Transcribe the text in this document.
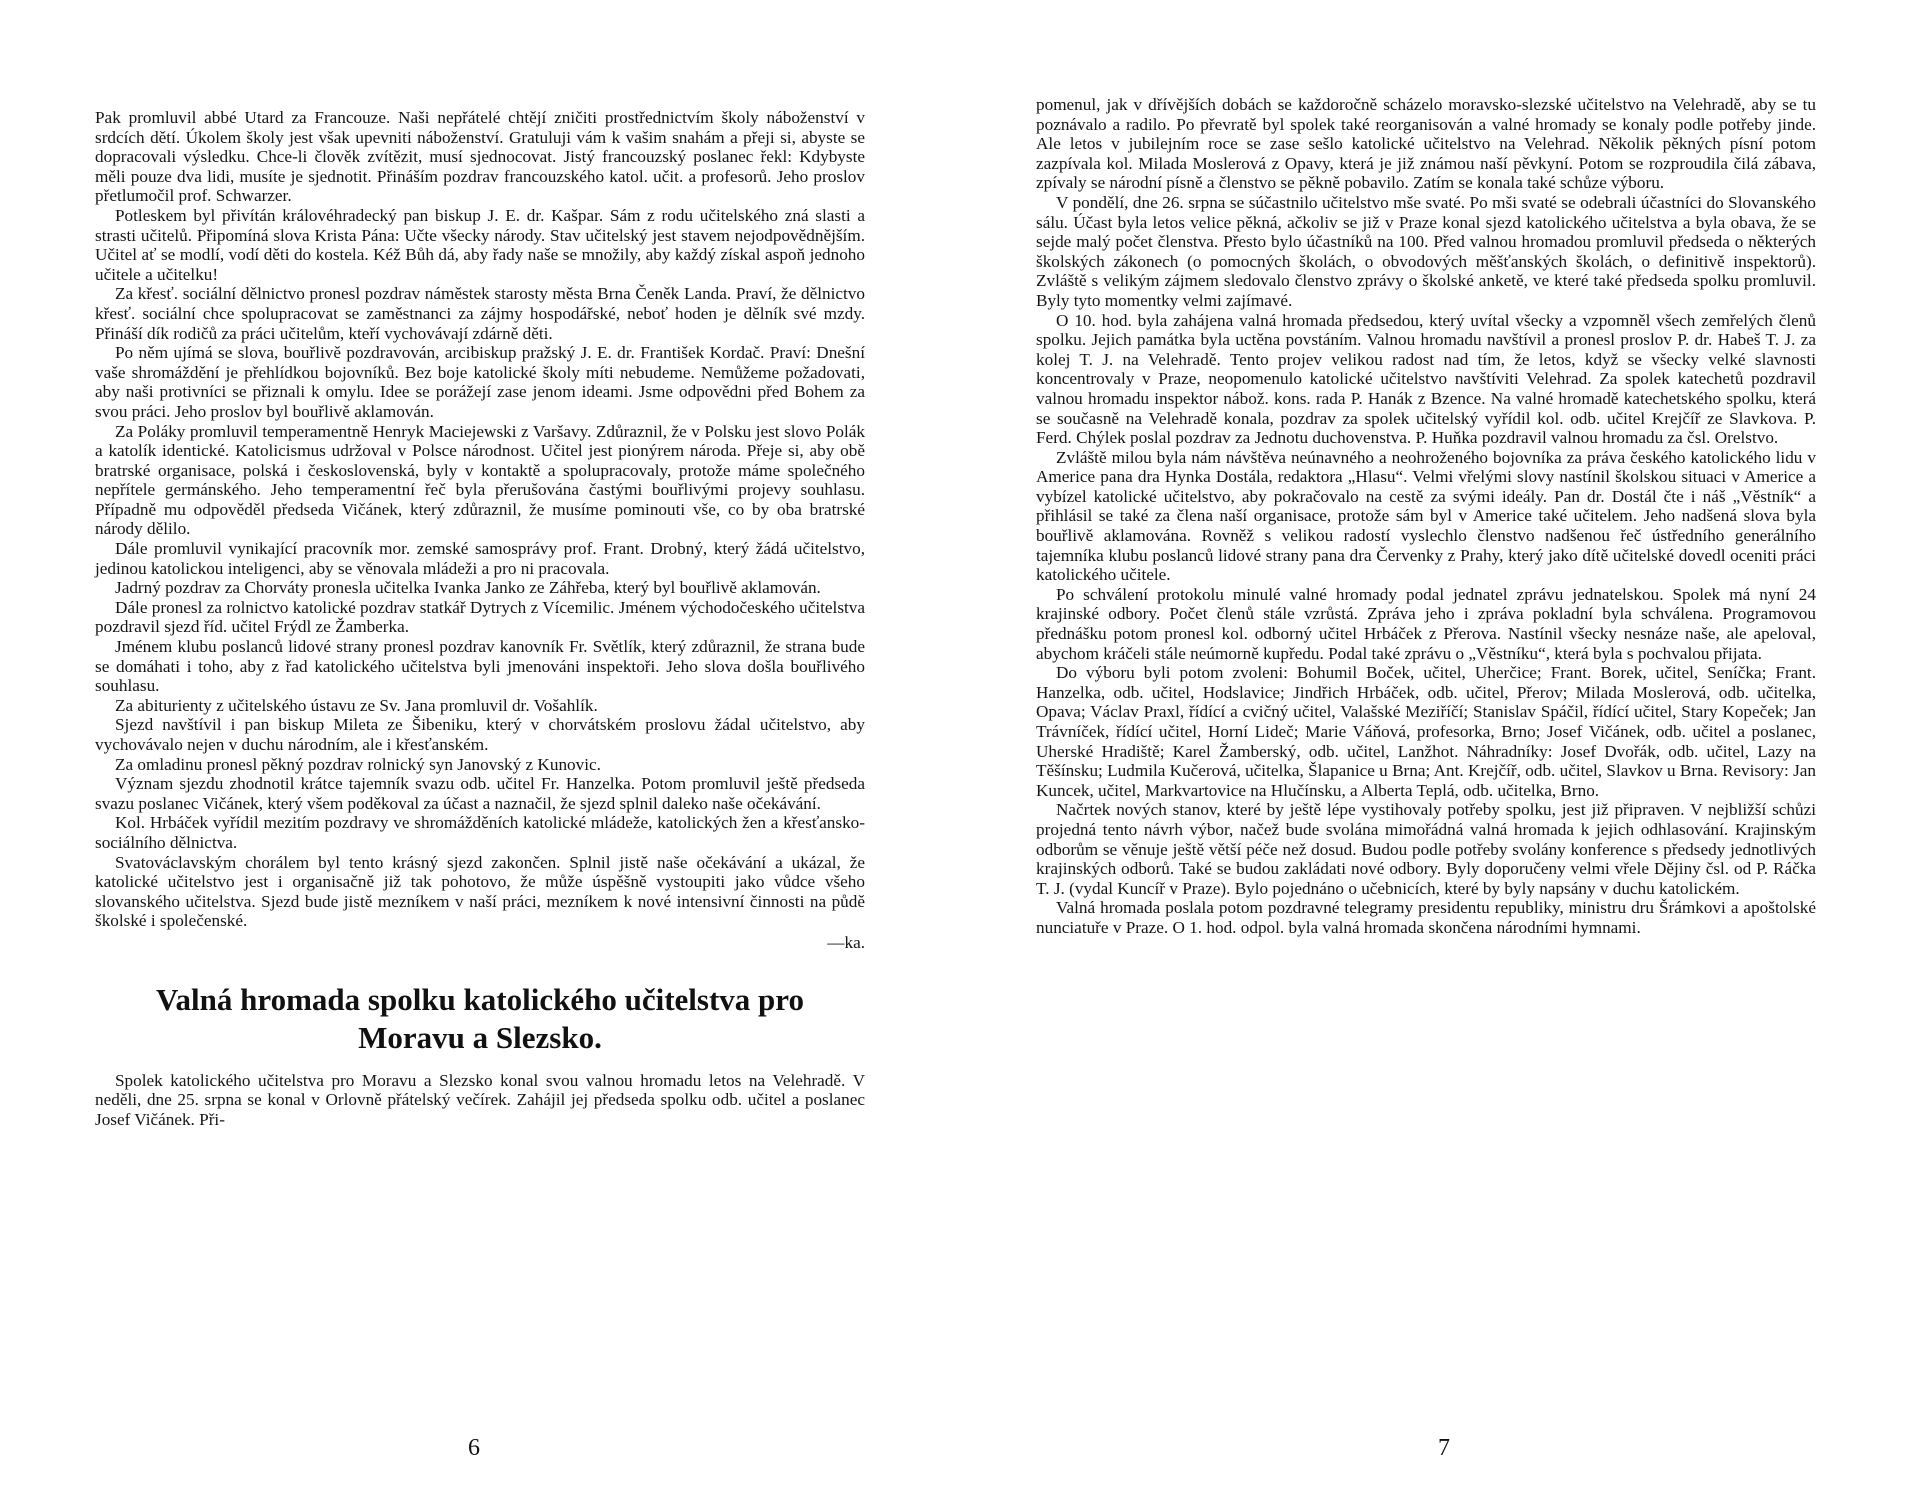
Pak promluvil abbé Utard za Francouze. Naši nepřátelé chtějí zničiti prostřednictvím školy náboženství v srdcích dětí. Úkolem školy jest však upevniti náboženství. Gratuluji vám k vašim snahám a přeji si, abyste se dopracovali výsledku. Chce-li člověk zvítězit, musí sjednocovat. Jistý francouzský poslanec řekl: Kdybyste měli pouze dva lidi, musíte je sjednotit. Přináším pozdrav francouzského katol. učit. a profesorů. Jeho proslov přetlumočil prof. Schwarzer.

Potleskem byl přivítán královéhradecký pan biskup J. E. dr. Kašpar. Sám z rodu učitelského zná slasti a strasti učitelů. Připomíná slova Krista Pána: Učte všecky národy. Stav učitelský jest stavem nejodpovědnějším. Učitel ať se modlí, vodí děti do kostela. Kéž Bůh dá, aby řady naše se množily, aby každý získal aspoň jednoho učitele a učitelku!

Za křesť. sociální dělnictvo pronesl pozdrav náměstek starosty města Brna Čeněk Landa. Praví, že dělnictvo křesť. sociální chce spolupracovat se zaměstnanci za zájmy hospodářské, neboť hoden je dělník své mzdy. Přináší dík rodičů za práci učitelům, kteří vychovávají zdárně děti.

Po něm ujímá se slova, bouřlivě pozdravován, arcibiskup pražský J. E. dr. František Kordač. Praví: Dnešní vaše shromáždění je přehlídkou bojovníků. Bez boje katolické školy míti nebudeme. Nemůžeme požadovati, aby naši protivníci se přiznali k omylu. Idee se porážejí zase jenom ideami. Jsme odpovědni před Bohem za svou práci. Jeho proslov byl bouřlivě aklamován.

Za Poláky promluvil temperamentně Henryk Maciejewski z Varšavy. Zdůraznil, že v Polsku jest slovo Polák a katolík identické. Katolicismus udržoval v Polsce národnost. Učitel jest pionýrem národa. Přeje si, aby obě bratrské organisace, polská i československá, byly v kontaktě a spolupracovaly, protože máme společného nepřítele germánského. Jeho temperamentní řeč byla přerušována častými bouřlivými projevy souhlasu. Případně mu odpověděl předseda Vičánek, který zdůraznil, že musíme pominouti vše, co by oba bratrské národy dělilo.

Dále promluvil vynikající pracovník mor. zemské samosprávy prof. Frant. Drobný, který žádá učitelstvo, jedinou katolickou inteligenci, aby se věnovala mládeži a pro ni pracovala.

Jadrný pozdrav za Chorváty pronesla učitelka Ivanka Janko ze Záhřeba, který byl bouřlivě aklamován.

Dále pronesl za rolnictvo katolické pozdrav statkář Dytrych z Vícemilic. Jménem východočeského učitelstva pozdravil sjezd říd. učitel Frýdl ze Žamberka.

Jménem klubu poslanců lidové strany pronesl pozdrav kanovník Fr. Světlík, který zdůraznil, že strana bude se domáhati i toho, aby z řad katolického učitelstva byli jmenováni inspektoři. Jeho slova došla bouřlivého souhlasu.

Za abiturienty z učitelského ústavu ze Sv. Jana promluvil dr. Vošahlík.

Sjezd navštívil i pan biskup Mileta ze Šibeniku, který v chorvátském proslovu žádal učitelstvo, aby vychovávalo nejen v duchu národním, ale i křesťanském.

Za omladinu pronesl pěkný pozdrav rolnický syn Janovský z Kunovic.

Význam sjezdu zhodnotil krátce tajemník svazu odb. učitel Fr. Hanzelka. Potom promluvil ještě předseda svazu poslanec Vičánek, který všem poděkoval za účast a naznačil, že sjezd splnil daleko naše očekávání.

Kol. Hrbáček vyřídil mezitím pozdravy ve shromážděních katolické mládeže, katolických žen a křesťansko-sociálního dělnictva.

Svatováclavským chorálem byl tento krásný sjezd zakončen. Splnil jistě naše očekávání a ukázal, že katolické učitelstvo jest i organisačně již tak pohotovo, že může úspěšně vystoupiti jako vůdce všeho slovanského učitelstva. Sjezd bude jistě mezníkem v naší práci, mezníkem k nové intensivní činnosti na půdě školské i společenské.

—ka.
Valná hromada spolku katolického učitelstva pro
Moravu a Slezsko.

Spolek katolického učitelstva pro Moravu a Slezsko konal svou valnou hromadu letos na Velehradě. V neděli, dne 25. srpna se konal v Orlovně přátelský večírek. Zahájil jej předseda spolku odb. učitel a poslanec Josef Vičánek. Při-

6

pomenul, jak v dřívějších dobách se každoročně scházelo moravsko-slezské učitelstvo na Velehradě, aby se tu poznávalo a radilo. Po převratě byl spolek také reorganisován a valné hromady se konaly podle potřeby jinde. Ale letos v jubilejním roce se zase sešlo katolické učitelstvo na Velehrad. Několik pěkných písní potom zazpívala kol. Milada Moslerová z Opavy, která je již známou naší pěvkyní. Potom se rozproudila čilá zábava, zpívaly se národní písně a členstvo se pěkně pobavilo. Zatím se konala také schůze výboru.

V pondělí, dne 26. srpna se súčastnilo učitelstvo mše svaté. Po mši svaté se odebrali účastníci do Slovanského sálu. Účast byla letos velice pěkná, ačkoliv se již v Praze konal sjezd katolického učitelstva a byla obava, že se sejde malý počet členstva. Přesto bylo účastníků na 100. Před valnou hromadou promluvil předseda o některých školských zákonech (o pomocných školách, o obvodových měšťanských školách, o definitivě inspektorů). Zvláště s velikým zájmem sledovalo členstvo zprávy o školské anketě, ve které také předseda spolku promluvil. Byly tyto momentky velmi zajímavé.

O 10. hod. byla zahájena valná hromada předsedou, který uvítal všecky a vzpomněl všech zemřelých členů spolku. Jejich památka byla uctěna povstáním. Valnou hromadu navštívil a pronesl proslov P. dr. Habeš T. J. za kolej T. J. na Velehradě. Tento projev velikou radost nad tím, že letos, když se všecky velké slavnosti koncentrovaly v Praze, neopomenulo katolické učitelstvo navštíviti Velehrad. Za spolek katechetů pozdravil valnou hromadu inspektor nábož. kons. rada P. Hanák z Bzence. Na valné hromadě katechetského spolku, která se současně na Velehradě konala, pozdrav za spolek učitelský vyřídil kol. odb. učitel Krejčíř ze Slavkova. P. Ferd. Chýlek poslal pozdrav za Jednotu duchovenstva. P. Huňka pozdravil valnou hromadu za čsl. Orelstvo.

Zvláště milou byla nám návštěva neúnavného a neohroženého bojovníka za práva českého katolického lidu v Americe pana dra Hynka Dostála, redaktora „Hlasu“. Velmi vřelými slovy nastínil školskou situaci v Americe a vybízel katolické učitelstvo, aby pokračovalo na cestě za svými ideály. Pan dr. Dostál čte i náš „Věstník“ a přihlásil se také za člena naší organisace, protože sám byl v Americe také učitelem. Jeho nadšená slova byla bouřlivě aklamována. Rovněž s velikou radostí vyslechlo členstvo nadšenou řeč ústředního generálního tajemníka klubu poslanců lidové strany pana dra Červenky z Prahy, který jako dítě učitelské dovedl oceniti práci katolického učitele.

Po schválení protokolu minulé valné hromady podal jednatel zprávu jednatelskou. Spolek má nyní 24 krajinské odbory. Počet členů stále vzrůstá. Zpráva jeho i zpráva pokladní byla schválena. Programovou přednášku potom pronesl kol. odborný učitel Hrbáček z Přerova. Nastínil všecky nesnáze naše, ale apeloval, abychom kráčeli stále neúmorně kupředu. Podal také zprávu o „Věstníku“, která byla s pochvalou přijata.

Do výboru byli potom zvoleni: Bohumil Boček, učitel, Uherčice; Frant. Borek, učitel, Seníčka; Frant. Hanzelka, odb. učitel, Hodslavice; Jindřich Hrbáček, odb. učitel, Přerov; Milada Moslerová, odb. učitelka, Opava; Václav Praxl, řídící a cvičný učitel, Valašské Meziříčí; Stanislav Spáčil, řídící učitel, Stary Kopeček; Jan Trávníček, řídící učitel, Horní Lideč; Marie Váňová, profesorka, Brno; Josef Vičánek, odb. učitel a poslanec, Uherské Hradiště; Karel Žamberský, odb. učitel, Lanžhot. Náhradníky: Josef Dvořák, odb. učitel, Lazy na Těšínsku; Ludmila Kučerová, učitelka, Šlapanice u Brna; Ant. Krejčíř, odb. učitel, Slavkov u Brna. Revisory: Jan Kuncek, učitel, Markvartovice na Hlučínsku, a Alberta Teplá, odb. učitelka, Brno.

Načrtek nových stanov, které by ještě lépe vystihovaly potřeby spolku, jest již připraven. V nejbližší schůzi projedná tento návrh výbor, načež bude svolána mimořádná valná hromada k jejich odhlasování. Krajinským odborům se věnuje ještě větší péče než dosud. Budou podle potřeby svolány konference s předsedy jednotlivých krajinských odborů. Také se budou zakládati nové odbory. Byly doporučeny velmi vřele Dějiny čsl. od P. Ráčka T. J. (vydal Kuncíř v Praze). Bylo pojednáno o učebnicích, které by byly napsány v duchu katolickém.

Valná hromada poslala potom pozdravné telegramy presidentu republiky, ministru dru Šrámkovi a apoštolské nunciatuře v Praze. O 1. hod. odpol. byla valná hromada skončena národními hymnami.

7
